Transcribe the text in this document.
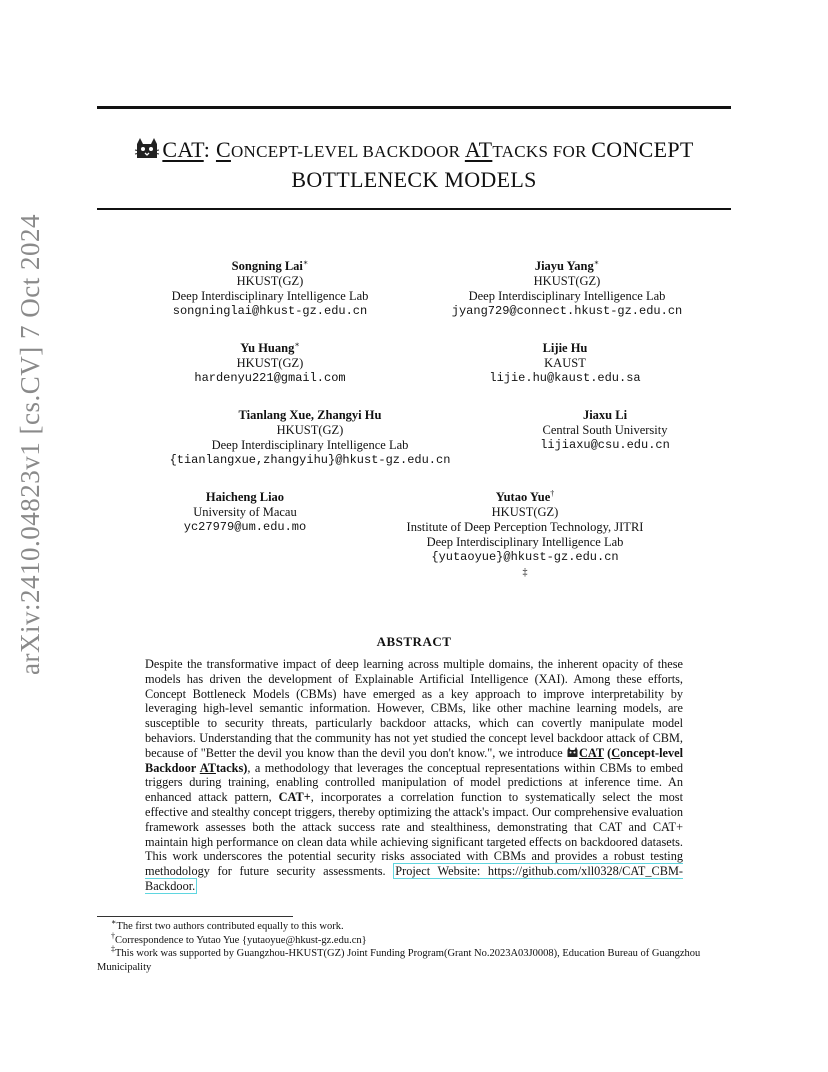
arXiv:2410.04823v1 [cs.CV] 7 Oct 2024
CAT: CONCEPT-LEVEL BACKDOOR ATTACKS FOR CONCEPT
BOTTLENECK MODELS
Songning Lai∗
HKUST(GZ)
Deep Interdisciplinary Intelligence Lab
songninglai@hkust-gz.edu.cn
Jiayu Yang∗
HKUST(GZ)
Deep Interdisciplinary Intelligence Lab
jyang729@connect.hkust-gz.edu.cn
Yu Huang∗
HKUST(GZ)
hardenyu221@gmail.com
Lijie Hu
KAUST
lijie.hu@kaust.edu.sa
Tianlang Xue, Zhangyi Hu
HKUST(GZ)
Deep Interdisciplinary Intelligence Lab
{tianlangxue,zhangyihu}@hkust-gz.edu.cn
Jiaxu Li
Central South University
lijiaxu@csu.edu.cn
Haicheng Liao
University of Macau
yc27979@um.edu.mo
Yutao Yue†
HKUST(GZ)
Institute of Deep Perception Technology, JITRI
Deep Interdisciplinary Intelligence Lab
{yutaoyue}@hkust-gz.edu.cn
‡
ABSTRACT
Despite the transformative impact of deep learning across multiple domains, the inherent opacity of these models has driven the development of Explainable Artificial Intelligence (XAI). Among these efforts, Concept Bottleneck Models (CBMs) have emerged as a key approach to improve interpretability by leveraging high-level semantic information. However, CBMs, like other machine learning models, are susceptible to security threats, particularly backdoor attacks, which can covertly manipulate model behaviors. Understanding that the community has not yet studied the concept level backdoor attack of CBM, because of "Better the devil you know than the devil you don't know.", we introduce CAT (Concept-level Backdoor ATtacks), a methodology that leverages the conceptual representations within CBMs to embed triggers during training, enabling controlled manipulation of model predictions at inference time. An enhanced attack pattern, CAT+, incorporates a correlation function to systematically select the most effective and stealthy concept triggers, thereby optimizing the attack's impact. Our comprehensive evaluation framework assesses both the attack success rate and stealthiness, demonstrating that CAT and CAT+ maintain high performance on clean data while achieving significant targeted effects on backdoored datasets. This work underscores the potential security risks associated with CBMs and provides a robust testing methodology for future security assessments. Project Website: https://github.com/xll0328/CAT_CBM-Backdoor.

∗The first two authors contributed equally to this work.

†Correspondence to Yutao Yue {yutaoyue@hkust-gz.edu.cn}

‡This work was supported by Guangzhou-HKUST(GZ) Joint Funding Program(Grant No.2023A03J0008), Education Bureau of Guangzhou Municipality
